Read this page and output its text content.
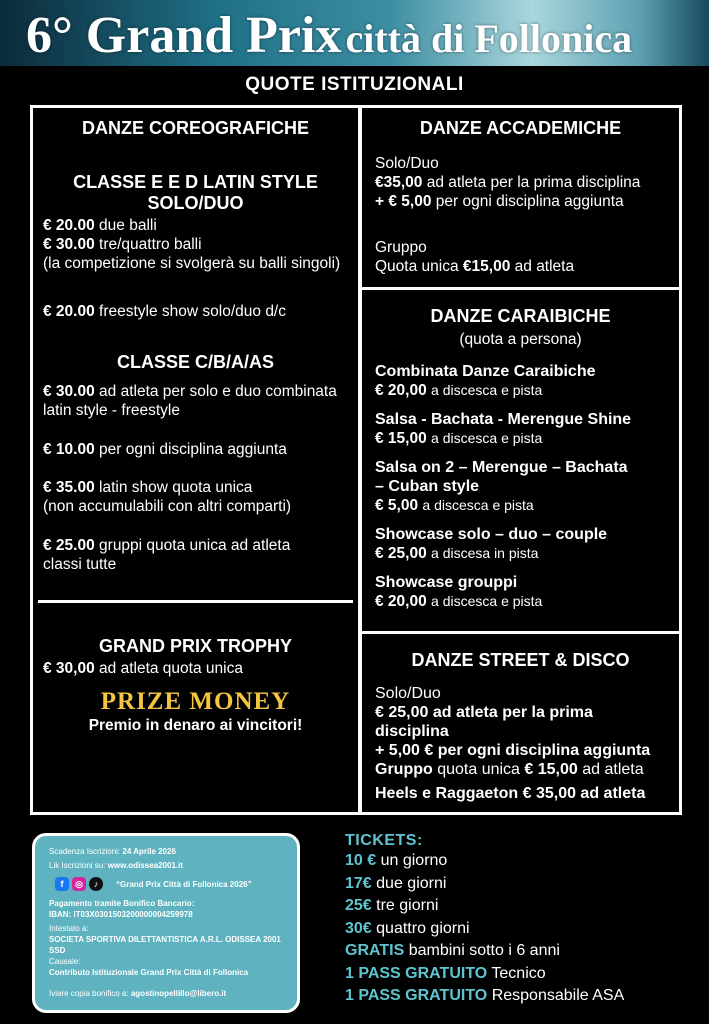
6° Grand Prix città di Follonica
QUOTE ISTITUZIONALI
DANZE COREOGRAFICHE
CLASSE E E D LATIN STYLE
SOLO/DUO
€ 20.00 due balli
€ 30.00 tre/quattro balli
(la competizione si svolgerà su balli singoli)
€ 20.00 freestyle show solo/duo d/c
CLASSE C/B/A/AS
€ 30.00 ad atleta per solo e duo combinata
latin style - freestyle
€ 10.00 per ogni disciplina aggiunta
€ 35.00 latin show quota unica
(non accumulabili con altri comparti)
€ 25.00 gruppi quota unica ad atleta
classi tutte
GRAND PRIX TROPHY
€ 30,00 ad atleta quota unica
PRIZE MONEY
Premio in denaro ai vincitori!
DANZE ACCADEMICHE
Solo/Duo
€35,00 ad atleta per la prima disciplina
+ € 5,00 per ogni disciplina aggiunta
Gruppo
Quota unica €15,00 ad atleta
DANZE CARAIBICHE
(quota a persona)
Combinata Danze Caraibiche
€ 20,00 a discesca e pista
Salsa - Bachata - Merengue Shine
€ 15,00 a discesca e pista
Salsa on 2 – Merengue – Bachata
– Cuban style
€ 5,00 a discesca e pista
Showcase solo – duo – couple
€ 25,00 a discesa in pista
Showcase grouppi
€ 20,00 a discesca e pista
DANZE STREET & DISCO
Solo/Duo
€ 25,00 ad atleta per la prima disciplina
+ 5,00 € per ogni disciplina aggiunta
Gruppo quota unica € 15,00 ad atleta
Heels e Raggaeton € 35,00 ad atleta
Scadenza Iscrizioni: 24 Aprile 2026
Lik Iscrizioni su: www.odissea2001.it
f	◎	♪	“Grand Prix Città di Follonica 2026”
Pagamento tramite Bonifico Bancario:
IBAN: IT03X0301503200000004259978
Intestato a:
SOCIETA SPORTIVA DILETTANTISTICA A.R.L. ODISSEA 2001 SSD
Causale:
Contributo Istituzionale Grand Prix Città di Follonica
Iviare copia bonifico a: agostinopellillo@libero.it
TICKETS:
10 € un giorno
17€ due giorni
25€ tre giorni
30€ quattro giorni
GRATIS bambini sotto i 6 anni
1 PASS GRATUITO Tecnico
1 PASS GRATUITO Responsabile ASA
